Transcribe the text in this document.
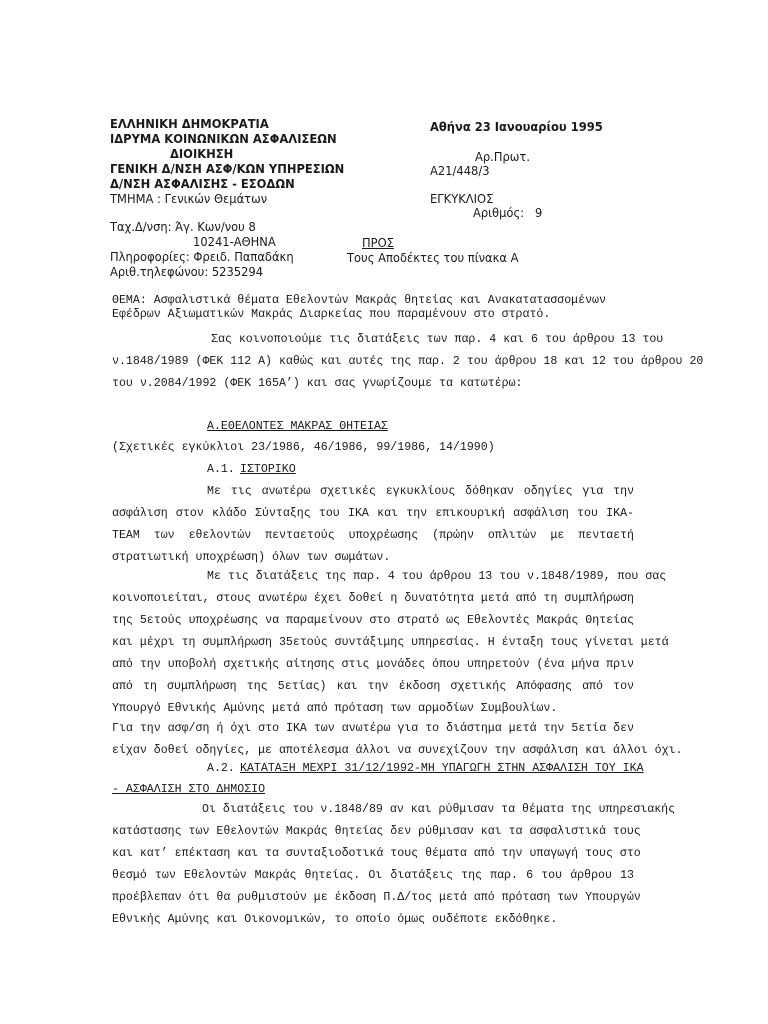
ΕΛΛΗΝΙΚΗ ΔΗΜΟΚΡΑΤΙΑ
ΙΔΡΥΜΑ ΚΟΙΝΩΝΙΚΩΝ ΑΣΦΑΛΙΣΕΩΝ
ΔΙΟΙΚΗΣΗ
ΓΕΝΙΚΗ Δ/ΝΣΗ ΑΣΦ/ΚΩΝ ΥΠΗΡΕΣΙΩΝ
Δ/ΝΣΗ ΑΣΦΑΛΙΣΗΣ - ΕΣΟΔΩΝ
ΤΜΗΜΑ : Γενικών Θεμάτων
Ταχ.Δ/νση: Άγ. Κων/νου 8
10241-ΑΘΗΝΑ
Πληροφορίες: Φρειδ. Παπαδάκη
Αριθ.τηλεφώνου: 5235294
Αθήνα 23 Ιανουαρίου 1995
Αρ.Πρωτ.
Α21/448/3
ΕΓΚΥΚΛΙΟΣ
Αριθμός: 9
ΠΡΟΣ
Τους Αποδέκτες του πίνακα Α
ΘΕΜΑ: Ασφαλιστικά θέματα Εθελοντών Μακράς θητείας και Ανακατατασσομένων
Εφέδρων Αξιωματικών Μακράς Διαρκείας που παραμένουν στο στρατό.
Σας κοινοποιούμε τις διατάξεις των παρ. 4 και 6 του άρθρου 13 του
ν.1848/1989 (ΦΕΚ 112 Α) καθώς και αυτές της παρ. 2 του άρθρου 18 και 12 του άρθρου 20
του ν.2084/1992 (ΦΕΚ 165Α’) και σας γνωρίζουμε τα κατωτέρω:
Α.ΕΘΕΛΟΝΤΕΣ ΜΑΚΡΑΣ ΘΗΤΕΙΑΣ
(Σχετικές εγκύκλιοι 23/1986, 46/1986, 99/1986, 14/1990)
Α.1. ΙΣΤΟΡΙΚΟ
Με τις ανωτέρω σχετικές εγκυκλίους δόθηκαν οδηγίες για την
ασφάλιση στον κλάδο Σύνταξης του ΙΚΑ και την επικουρική ασφάλιση του ΙΚΑ-
ΤΕΑΜ των εθελοντών πενταετούς υποχρέωσης (πρώην οπλιτών με πενταετή
στρατιωτική υποχρέωση) όλων των σωμάτων.
Με τις διατάξεις της παρ. 4 του άρθρου 13 του ν.1848/1989, που σας
κοινοποιείται, στους ανωτέρω έχει δοθεί η δυνατότητα μετά από τη συμπλήρωση
της 5ετούς υποχρέωσης να παραμείνουν στο στρατό ως Εθελοντές Μακράς Θητείας
και μέχρι τη συμπλήρωση 35ετούς συντάξιμης υπηρεσίας. Η ένταξη τους γίνεται μετά
από την υποβολή σχετικής αίτησης στις μονάδες όπου υπηρετούν (ένα μήνα πριν
από τη συμπλήρωση της 5ετίας) και την έκδοση σχετικής Απόφασης από τον
Υπουργό Εθνικής Αμύνης μετά από πρόταση των αρμοδίων Συμβουλίων.
Για την ασφ/ση ή όχι στο ΙΚΑ των ανωτέρω για το διάστημα μετά την 5ετία δεν
είχαν δοθεί οδηγίες, με αποτέλεσμα άλλοι να συνεχίζουν την ασφάλιση και άλλοι όχι.
Α.2. ΚΑΤΑΤΑΞΗ ΜΕΧΡΙ 31/12/1992-ΜΗ ΥΠΑΓΩΓΗ ΣΤΗΝ ΑΣΦΑΛΙΣΗ ΤΟΥ ΙΚΑ
- ΑΣΦΑΛΙΣΗ ΣΤΟ ΔΗΜΟΣΙΟ
Οι διατάξεις του ν.1848/89 αν και ρύθμισαν τα θέματα της υπηρεσιακής
κατάστασης των Εθελοντών Μακράς θητείας δεν ρύθμισαν και τα ασφαλιστικά τους
και κατ’ επέκταση και τα συνταξιοδοτικά τους θέματα από την υπαγωγή τους στο
θεσμό των Εθελοντών Μακράς θητείας. Οι διατάξεις της παρ. 6 του άρθρου 13
προέβλεπαν ότι θα ρυθμιστούν με έκδοση Π.Δ/τος μετά από πρόταση των Υπουργών
Εθνικής Αμύνης και Οικονομικών, το οποίο όμως ουδέποτε εκδόθηκε.
